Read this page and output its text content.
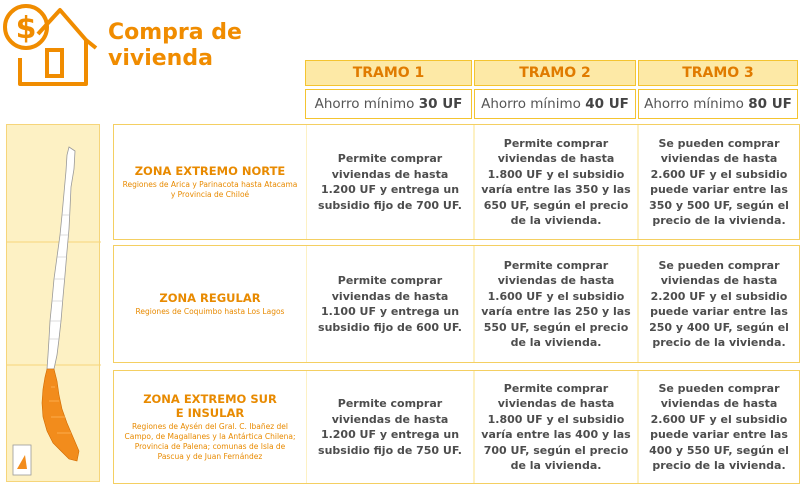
$	Compra de
vivienda
TRAMO 1	TRAMO 2	TRAMO 3
Ahorro mínimo 30 UF	Ahorro mínimo 40 UF	Ahorro mínimo 80 UF
ZONA EXTREMO NORTE
Regiones de Arica y Parinacota hasta Atacama y Provincia de Chiloé
Permite comprar viviendas de hasta 1.200 UF y entrega un subsidio fijo de 700 UF.
Permite comprar viviendas de hasta 1.800 UF y el subsidio varía entre las 350 y las 650 UF, según el precio de la vivienda.
Se pueden comprar viviendas de hasta 2.600 UF y el subsidio puede variar entre las 350 y 500 UF, según el precio de la vivienda.
ZONA REGULAR
Regiones de Coquimbo hasta Los Lagos
Permite comprar viviendas de hasta 1.100 UF y entrega un subsidio fijo de 600 UF.
Permite comprar viviendas de hasta 1.600 UF y el subsidio varía entre las 250 y las 550 UF, según el precio de la vivienda.
Se pueden comprar viviendas de hasta 2.200 UF y el subsidio puede variar entre las 250 y 400 UF, según el precio de la vivienda.
ZONA EXTREMO SUR
E INSULAR
Regiones de Aysén del Gral. C. Ibañez del Campo, de Magallanes y la Antártica Chilena; Provincia de Palena; comunas de Isla de Pascua y de Juan Fernández
Permite comprar viviendas de hasta 1.200 UF y entrega un subsidio fijo de 750 UF.
Permite comprar viviendas de hasta 1.800 UF y el subsidio varía entre las 400 y las 700 UF, según el precio de la vivienda.
Se pueden comprar viviendas de hasta 2.600 UF y el subsidio puede variar entre las 400 y 550 UF, según el precio de la vivienda.
